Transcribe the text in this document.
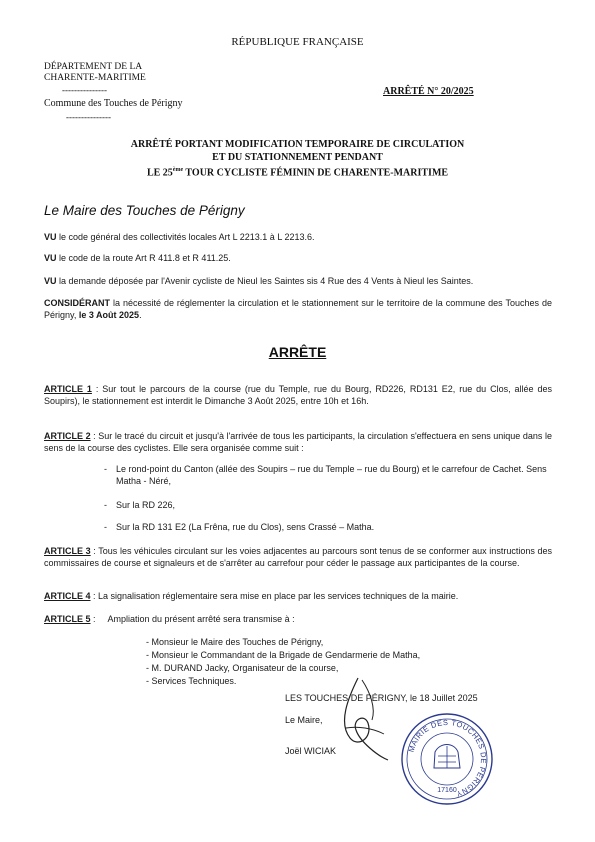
RÉPUBLIQUE FRANÇAISE
DÉPARTEMENT DE LA
CHARENTE-MARITIME
---------------
Commune des Touches de Périgny
---------------
ARRÊTÉ N° 20/2025
ARRÊTÉ PORTANT MODIFICATION TEMPORAIRE DE CIRCULATION
ET DU STATIONNEMENT PENDANT
LE 25ème TOUR CYCLISTE FÉMININ DE CHARENTE-MARITIME
Le Maire des Touches de Périgny
VU le code général des collectivités locales Art L 2213.1 à L 2213.6.
VU le code de la route Art R 411.8 et R 411.25.
VU la demande déposée par l'Avenir cycliste de Nieul les Saintes sis 4 Rue des 4 Vents à Nieul les Saintes.
CONSIDÉRANT la nécessité de réglementer la circulation et le stationnement sur le territoire de la commune des Touches de Périgny, le 3 Août 2025.
ARRÊTE
ARTICLE 1 : Sur tout le parcours de la course (rue du Temple, rue du Bourg, RD226, RD131 E2, rue du Clos, allée des Soupirs), le stationnement est interdit le Dimanche 3 Août 2025, entre 10h et 16h.
ARTICLE 2 : Sur le tracé du circuit et jusqu'à l'arrivée de tous les participants, la circulation s'effectuera en sens unique dans le sens de la course des cyclistes. Elle sera organisée comme suit :
- Le rond-point du Canton (allée des Soupirs – rue du Temple – rue du Bourg) et le carrefour de Cachet. Sens Matha - Néré,
- Sur la RD 226,
- Sur la RD 131 E2 (La Frêna, rue du Clos), sens Crassé – Matha.
ARTICLE 3 : Tous les véhicules circulant sur les voies adjacentes au parcours sont tenus de se conformer aux instructions des commissaires de course et signaleurs et de s'arrêter au carrefour pour céder le passage aux participantes de la course.
ARTICLE 4 : La signalisation réglementaire sera mise en place par les services techniques de la mairie.
ARTICLE 5 :     Ampliation du présent arrêté sera transmise à :
- Monsieur le Maire des Touches de Périgny,
- Monsieur le Commandant de la Brigade de Gendarmerie de Matha,
- M. DURAND Jacky, Organisateur de la course,
- Services Techniques.
LES TOUCHES DE PÉRIGNY, le 18 Juillet 2025
Le Maire,
Joël WICIAK	MAIRIE DES TOUCHES DE PÉRIGNY
17160
